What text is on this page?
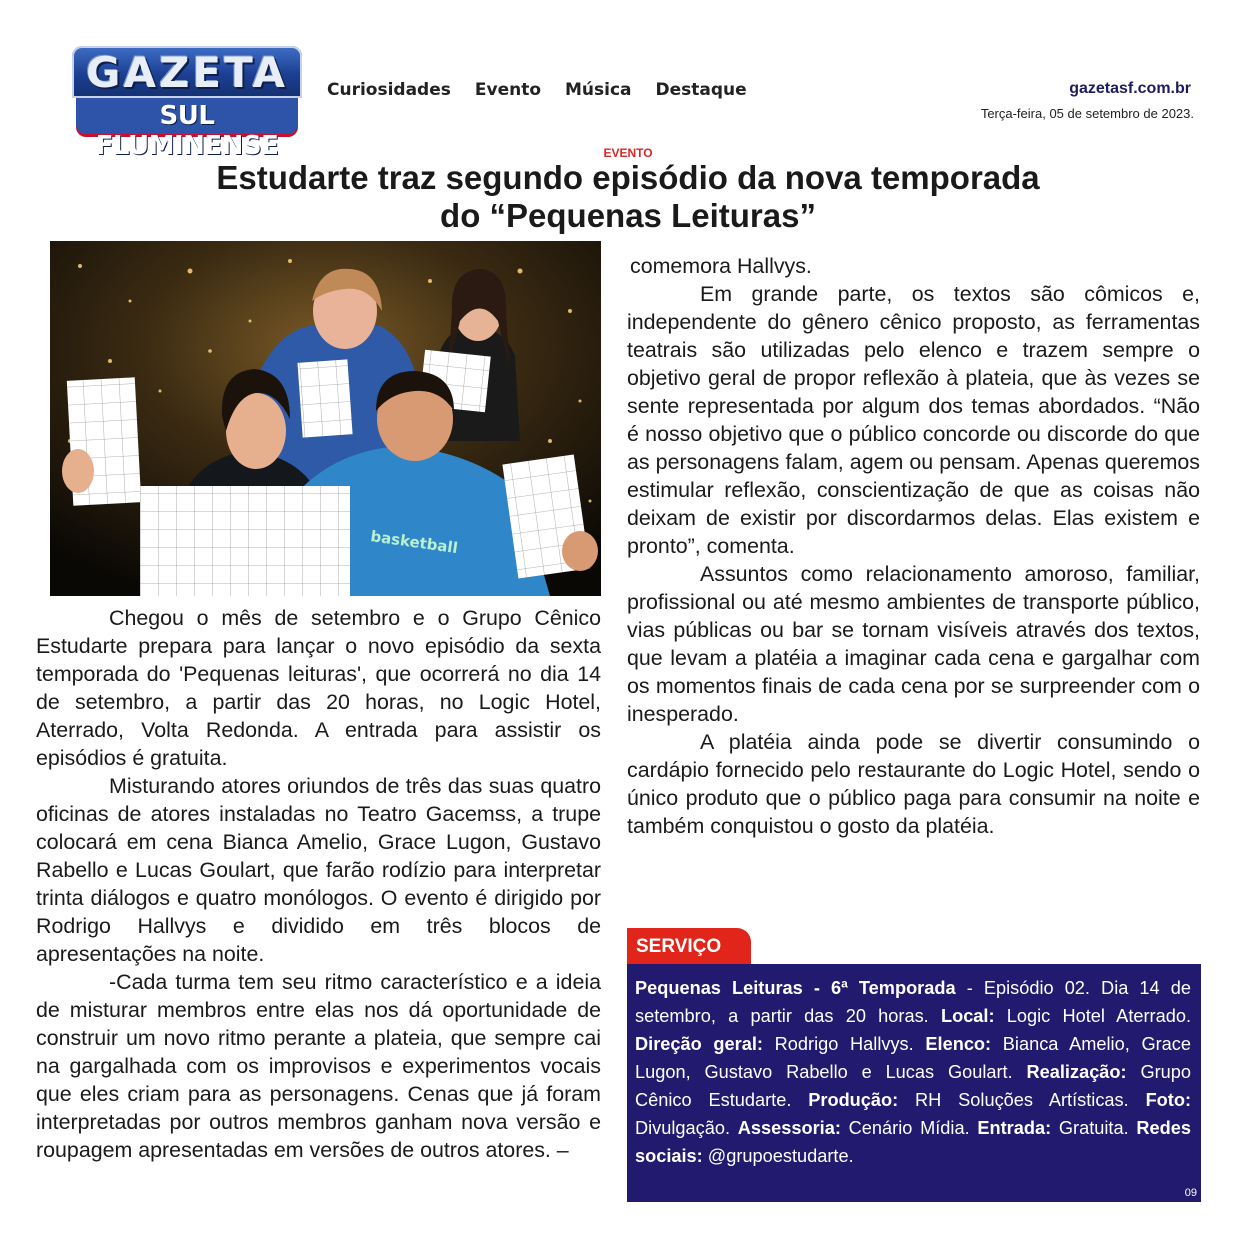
GAZETA
SUL FLUMINENSE
Curiosidades Evento Música Destaque	gazetasf.com.br
Terça-feira, 05 de setembro de 2023.
EVENTO
Estudarte traz segundo episódio da nova temporada
do “Pequenas Leituras”
basketball

Chegou o mês de setembro e o Grupo Cênico Estudarte prepara para lançar o novo episódio da sexta temporada do 'Pequenas leituras', que ocorrerá no dia 14 de setembro, a partir das 20 horas, no Logic Hotel, Aterrado, Volta Redonda. A entrada para assistir os episódios é gratuita.

Misturando atores oriundos de três das suas quatro oficinas de atores instaladas no Teatro Gacemss, a trupe colocará em cena Bianca Amelio, Grace Lugon, Gustavo Rabello e Lucas Goulart, que farão rodízio para interpretar trinta diálogos e quatro monólogos. O evento é dirigido por Rodrigo Hallvys e dividido em três blocos de apresentações na noite.

-Cada turma tem seu ritmo característico e a ideia de misturar membros entre elas nos dá oportunidade de construir um novo ritmo perante a plateia, que sempre cai na gargalhada com os improvisos e experimentos vocais que eles criam para as personagens. Cenas que já foram interpretadas por outros membros ganham nova versão e roupagem apresentadas em versões de outros atores. –

comemora Hallvys.

Em grande parte, os textos são cômicos e, independente do gênero cênico proposto, as ferramentas teatrais são utilizadas pelo elenco e trazem sempre o objetivo geral de propor reflexão à plateia, que às vezes se sente representada por algum dos temas abordados. “Não é nosso objetivo que o público concorde ou discorde do que as personagens falam, agem ou pensam. Apenas queremos estimular reflexão, conscientização de que as coisas não deixam de existir por discordarmos delas. Elas existem e pronto”, comenta.

Assuntos como relacionamento amoroso, familiar, profissional ou até mesmo ambientes de transporte público, vias públicas ou bar se tornam visíveis através dos textos, que levam a platéia a imaginar cada cena e gargalhar com os momentos finais de cada cena por se surpreender com o inesperado.

A platéia ainda pode se divertir consumindo o cardápio fornecido pelo restaurante do Logic Hotel, sendo o único produto que o público paga para consumir na noite e também conquistou o gosto da platéia.

SERVIÇO

Pequenas Leituras - 6ª Temporada - Episódio 02. Dia 14 de setembro, a partir das 20 horas. Local: Logic Hotel Aterrado. Direção geral: Rodrigo Hallvys. Elenco: Bianca Amelio, Grace Lugon, Gustavo Rabello e Lucas Goulart. Realização: Grupo Cênico Estudarte. Produção: RH Soluções Artísticas. Foto: Divulgação. Assessoria: Cenário Mídia. Entrada: Gratuita. Redes sociais: @grupoestudarte.

09
